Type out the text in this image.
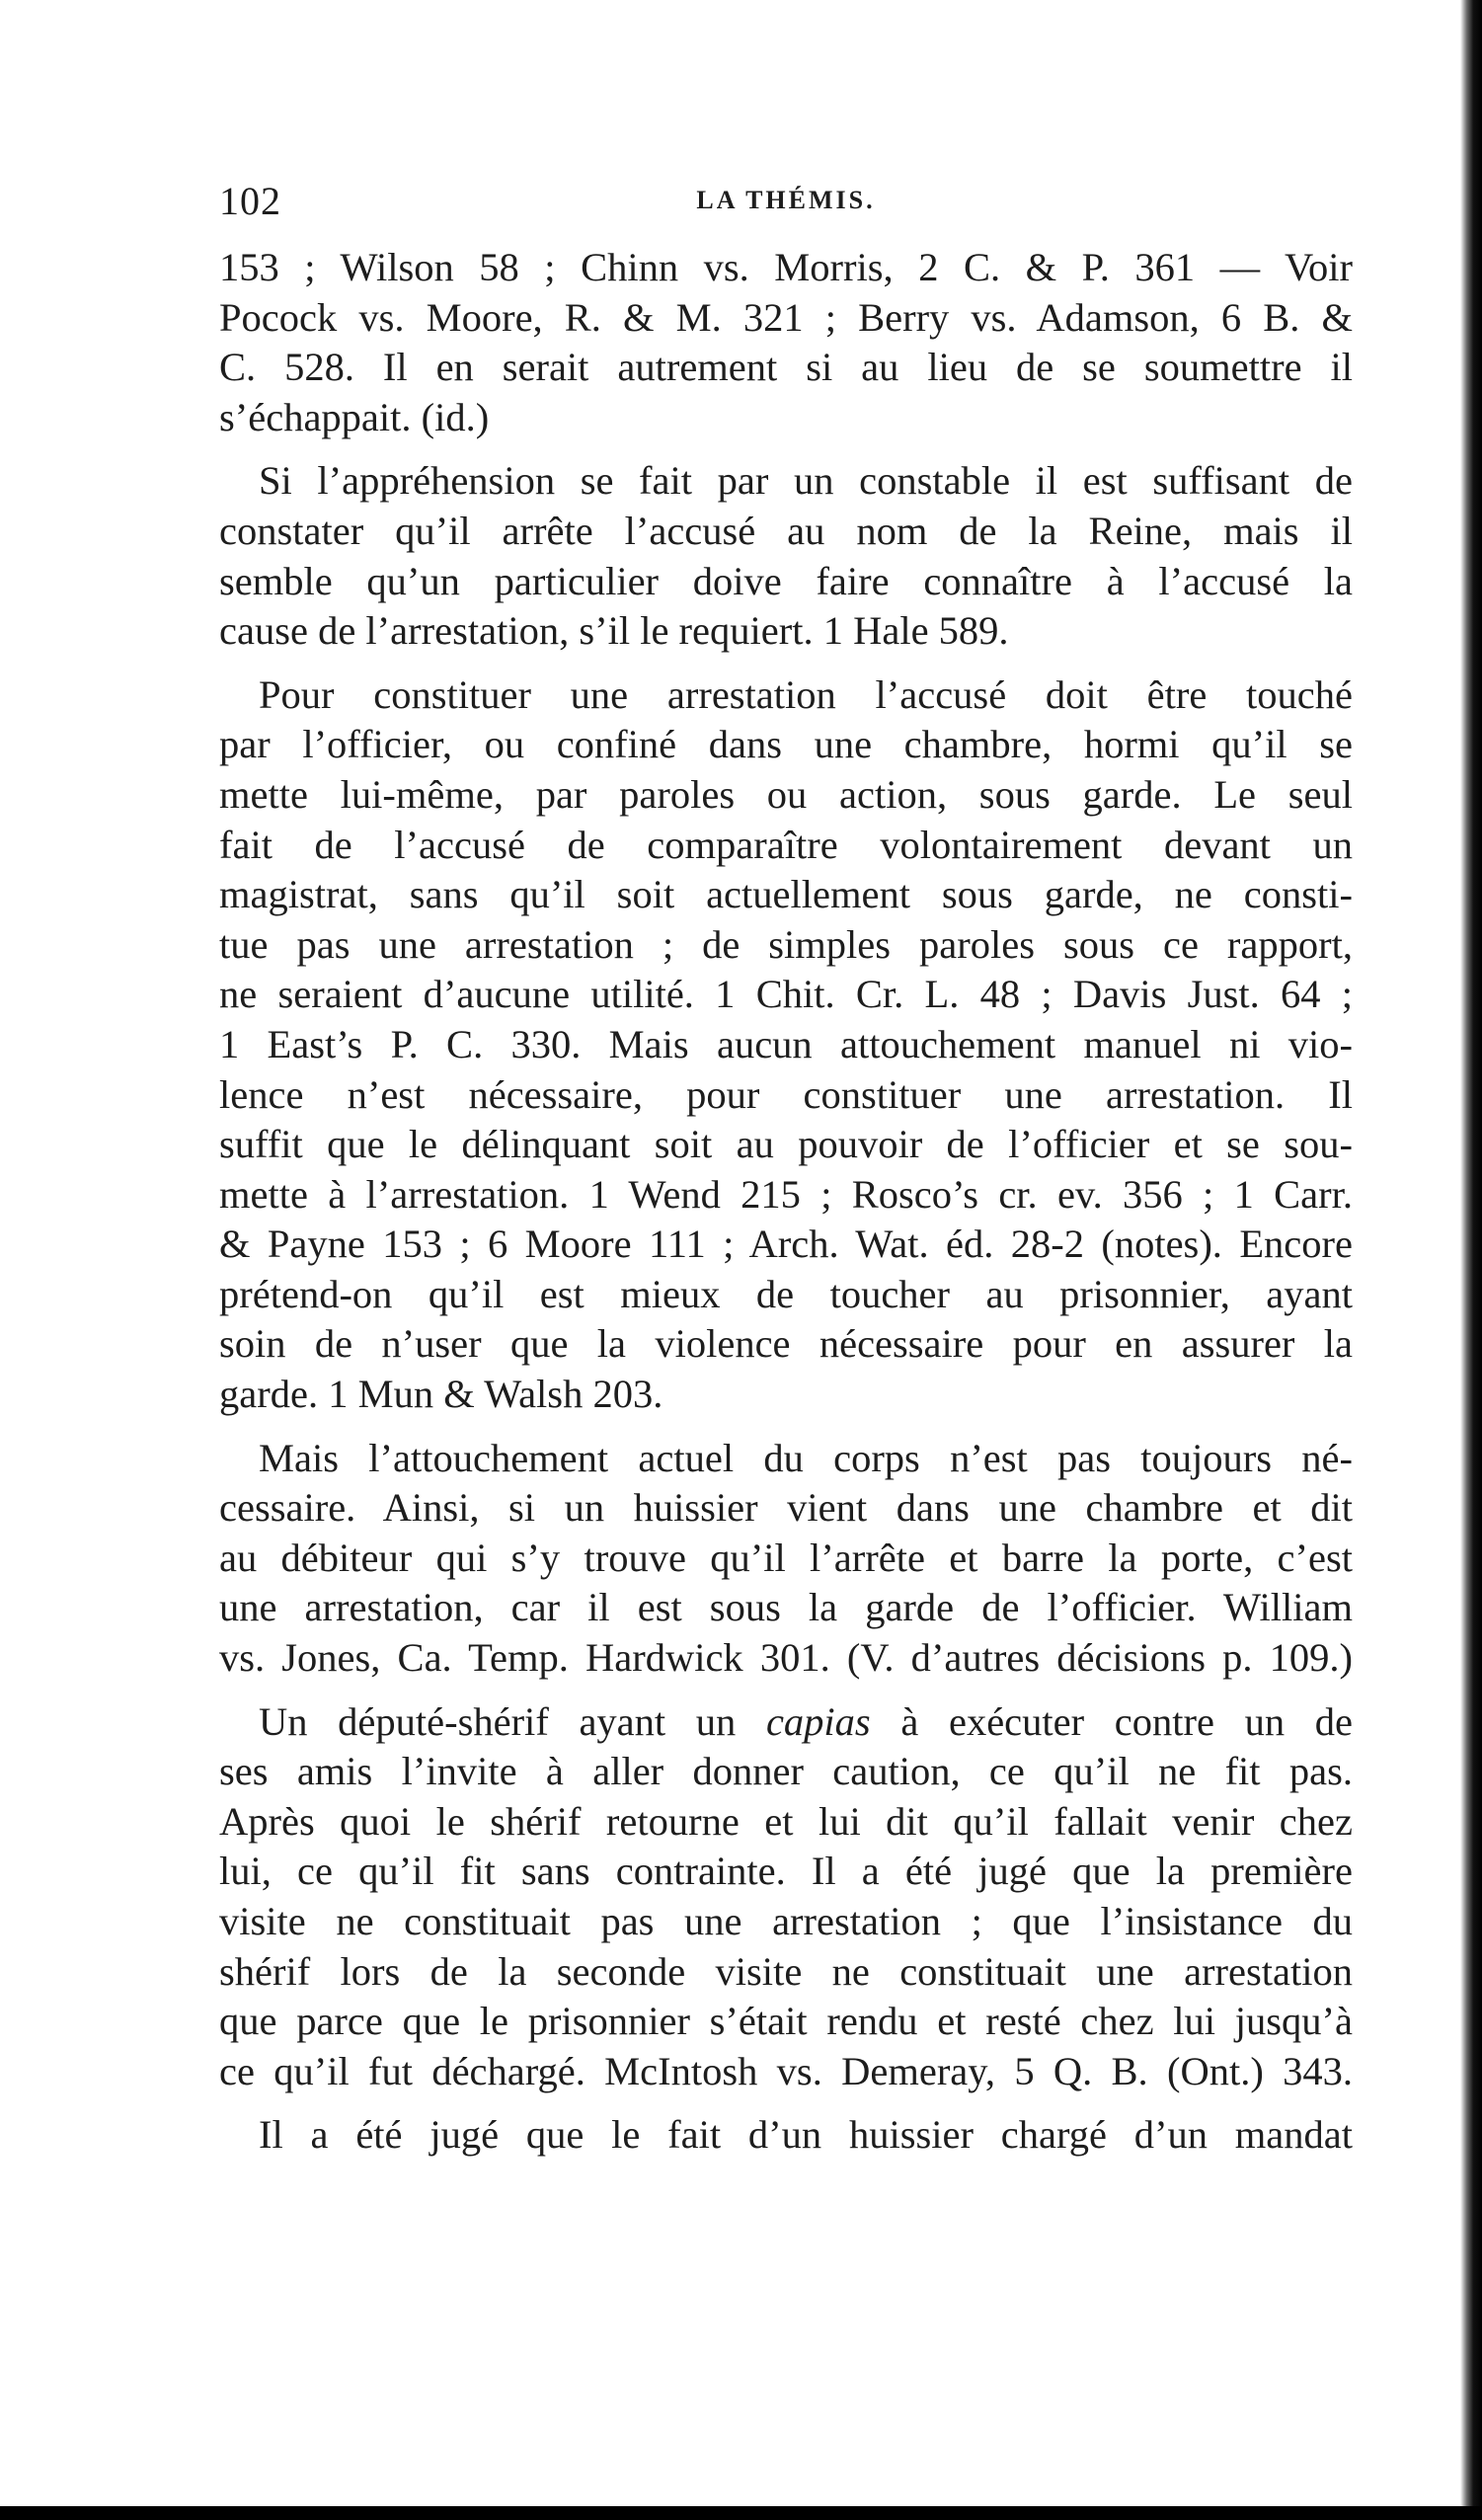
102	LA THÉMIS.
153 ; Wilson 58 ; Chinn vs. Morris, 2 C. & P. 361 — Voir
Pocock vs. Moore, R. & M. 321 ; Berry vs. Adamson, 6 B. &
C. 528. Il en serait autrement si au lieu de se soumettre il
s’échappait. (id.)
Si l’appréhension se fait par un constable il est suffisant de
constater qu’il arrête l’accusé au nom de la Reine, mais il
semble qu’un particulier doive faire connaître à l’accusé la
cause de l’arrestation, s’il le requiert. 1 Hale 589.
Pour constituer une arrestation l’accusé doit être touché
par l’officier, ou confiné dans une chambre, hormi qu’il se
mette lui-même, par paroles ou action, sous garde. Le seul
fait de l’accusé de comparaître volontairement devant un
magistrat, sans qu’il soit actuellement sous garde, ne consti-
tue pas une arrestation ; de simples paroles sous ce rapport,
ne seraient d’aucune utilité. 1 Chit. Cr. L. 48 ; Davis Just. 64 ;
1 East’s P. C. 330. Mais aucun attouchement manuel ni vio-
lence n’est nécessaire, pour constituer une arrestation. Il
suffit que le délinquant soit au pouvoir de l’officier et se sou-
mette à l’arrestation. 1 Wend 215 ; Rosco’s cr. ev. 356 ; 1 Carr.
& Payne 153 ; 6 Moore 111 ; Arch. Wat. éd. 28-2 (notes). Encore
prétend-on qu’il est mieux de toucher au prisonnier, ayant
soin de n’user que la violence nécessaire pour en assurer la
garde. 1 Mun & Walsh 203.
Mais l’attouchement actuel du corps n’est pas toujours né-
cessaire. Ainsi, si un huissier vient dans une chambre et dit
au débiteur qui s’y trouve qu’il l’arrête et barre la porte, c’est
une arrestation, car il est sous la garde de l’officier. William
vs. Jones, Ca. Temp. Hardwick 301. (V. d’autres décisions p. 109.)
Un député-shérif ayant un capias à exécuter contre un de
ses amis l’invite à aller donner caution, ce qu’il ne fit pas.
Après quoi le shérif retourne et lui dit qu’il fallait venir chez
lui, ce qu’il fit sans contrainte. Il a été jugé que la première
visite ne constituait pas une arrestation ; que l’insistance du
shérif lors de la seconde visite ne constituait une arrestation
que parce que le prisonnier s’était rendu et resté chez lui jusqu’à
ce qu’il fut déchargé. McIntosh vs. Demeray, 5 Q. B. (Ont.) 343.
Il a été jugé que le fait d’un huissier chargé d’un mandat
